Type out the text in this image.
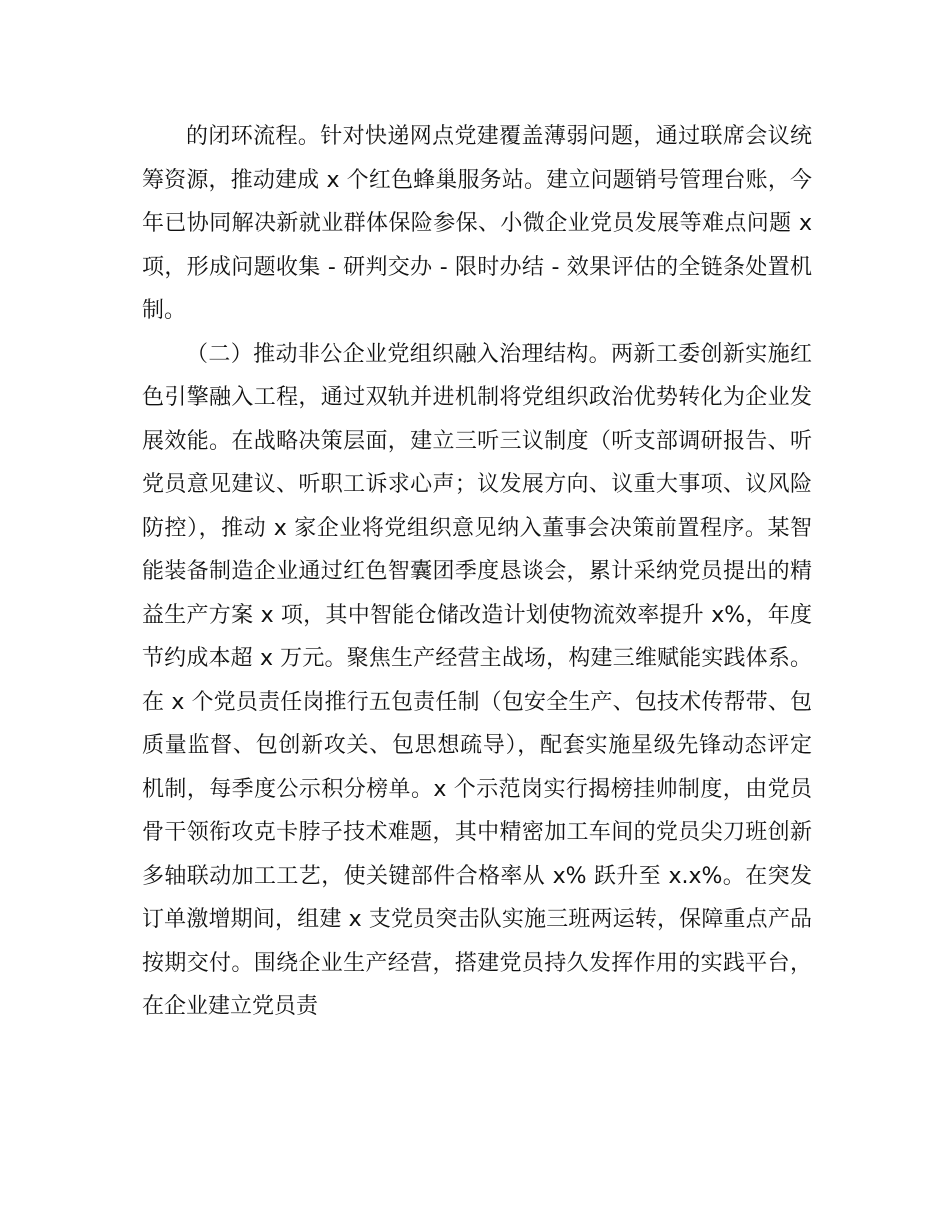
的闭环流程。针对快递网点党建覆盖薄弱问题，通过联席会议统筹资源，推动建成 x 个红色蜂巢服务站。建立问题销号管理台账，今年已协同解决新就业群体保险参保、小微企业党员发展等难点问题 x 项，形成问题收集 - 研判交办 - 限时办结 - 效果评估的全链条处置机制。

（二）推动非公企业党组织融入治理结构。两新工委创新实施红色引擎融入工程，通过双轨并进机制将党组织政治优势转化为企业发展效能。在战略决策层面，建立三听三议制度（听支部调研报告、听党员意见建议、听职工诉求心声；议发展方向、议重大事项、议风险防控），推动 x 家企业将党组织意见纳入董事会决策前置程序。某智能装备制造企业通过红色智囊团季度恳谈会，累计采纳党员提出的精益生产方案 x 项，其中智能仓储改造计划使物流效率提升 x%，年度节约成本超 x 万元。聚焦生产经营主战场，构建三维赋能实践体系。在 x 个党员责任岗推行五包责任制（包安全生产、包技术传帮带、包质量监督、包创新攻关、包思想疏导），配套实施星级先锋动态评定机制，每季度公示积分榜单。x 个示范岗实行揭榜挂帅制度，由党员骨干领衔攻克卡脖子技术难题，其中精密加工车间的党员尖刀班创新多轴联动加工工艺，使关键部件合格率从 x% 跃升至 x.x%。在突发订单激增期间，组建 x 支党员突击队实施三班两运转，保障重点产品按期交付。围绕企业生产经营，搭建党员持久发挥作用的实践平台，在企业建立党员责
